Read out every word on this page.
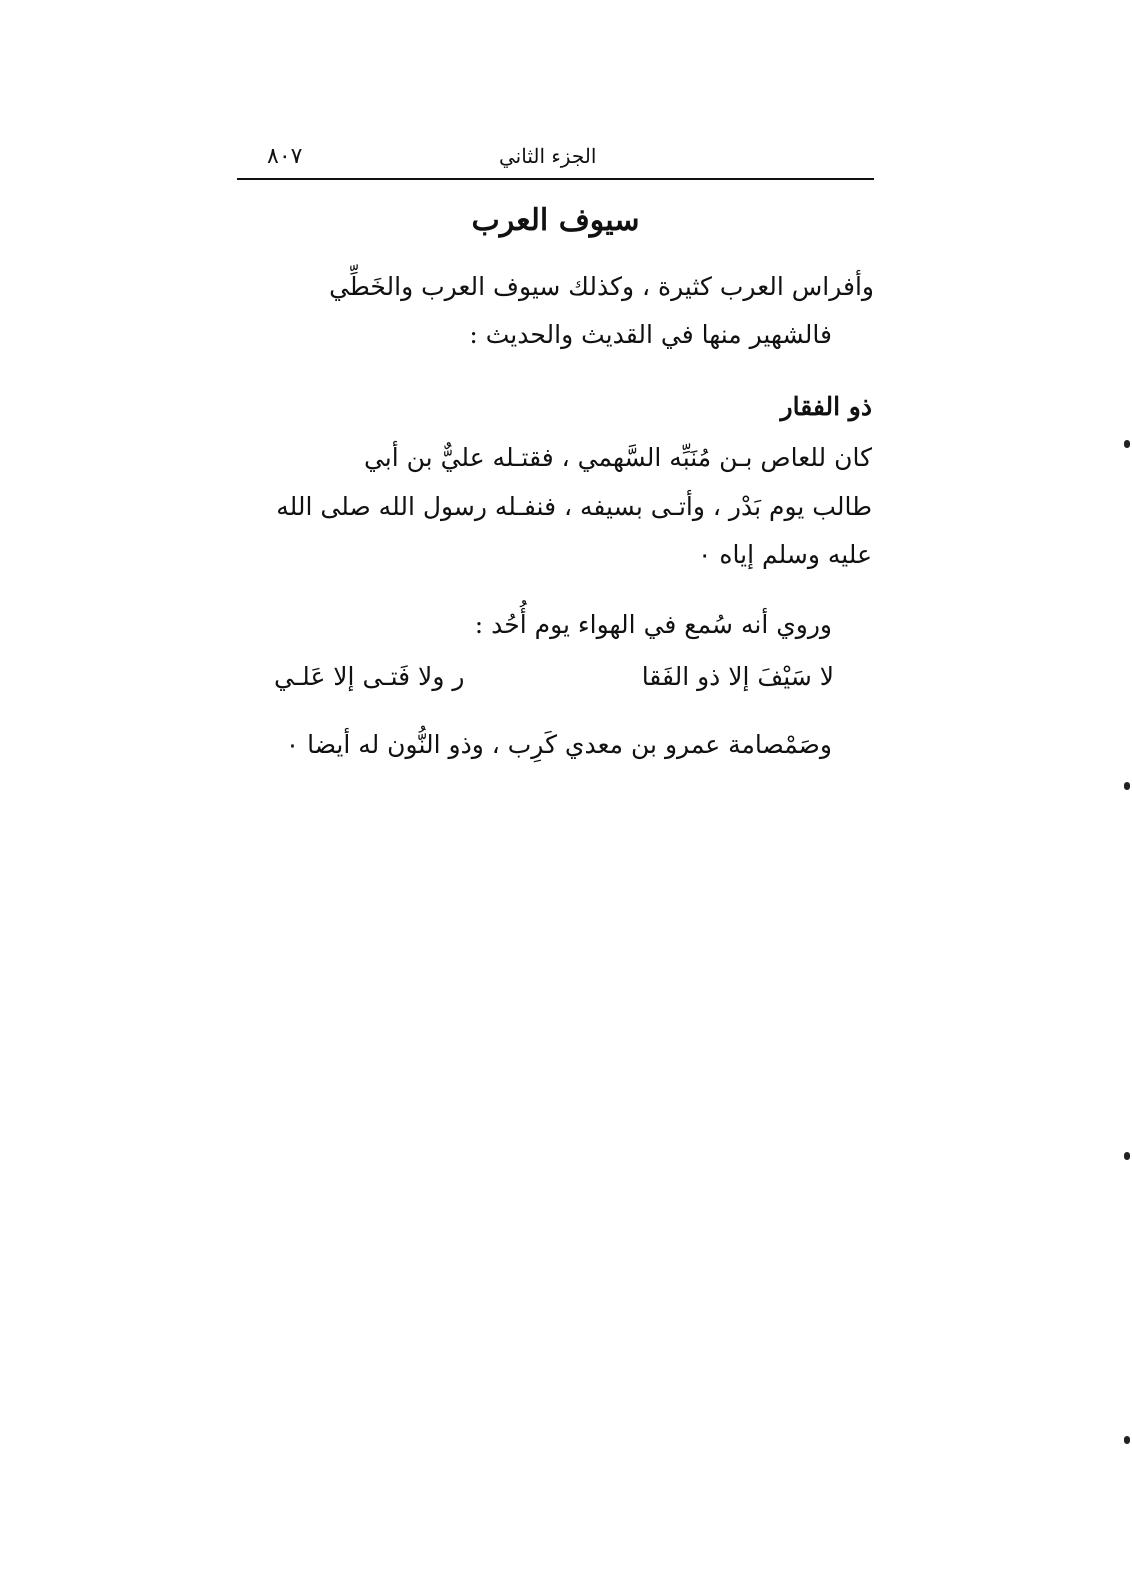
٨٠٧	الجزء الثاني
سيوف العرب
وأفراس العرب كثيرة ، وكذلك سيوف العرب والخَطِّي
فالشهير منها في القديث والحديث :
ذو الفقار
كان للعاص بـن مُنَبِّه السَّهمي ، فقتـله عليٌّ بن أبي
طالب يوم بَدْر ، وأتـى بسيفه ، فنفـله رسول الله صلى الله
عليه وسلم إياه ٠
وروي أنه سُمع في الهواء يوم أُحُد :
لا سَيْفَ إلا ذو الفَقا
ر ولا فَتـى إلا عَلـي
وصَمْصامة عمرو بن معدي كَرِب ، وذو النُّون له أيضا ٠
